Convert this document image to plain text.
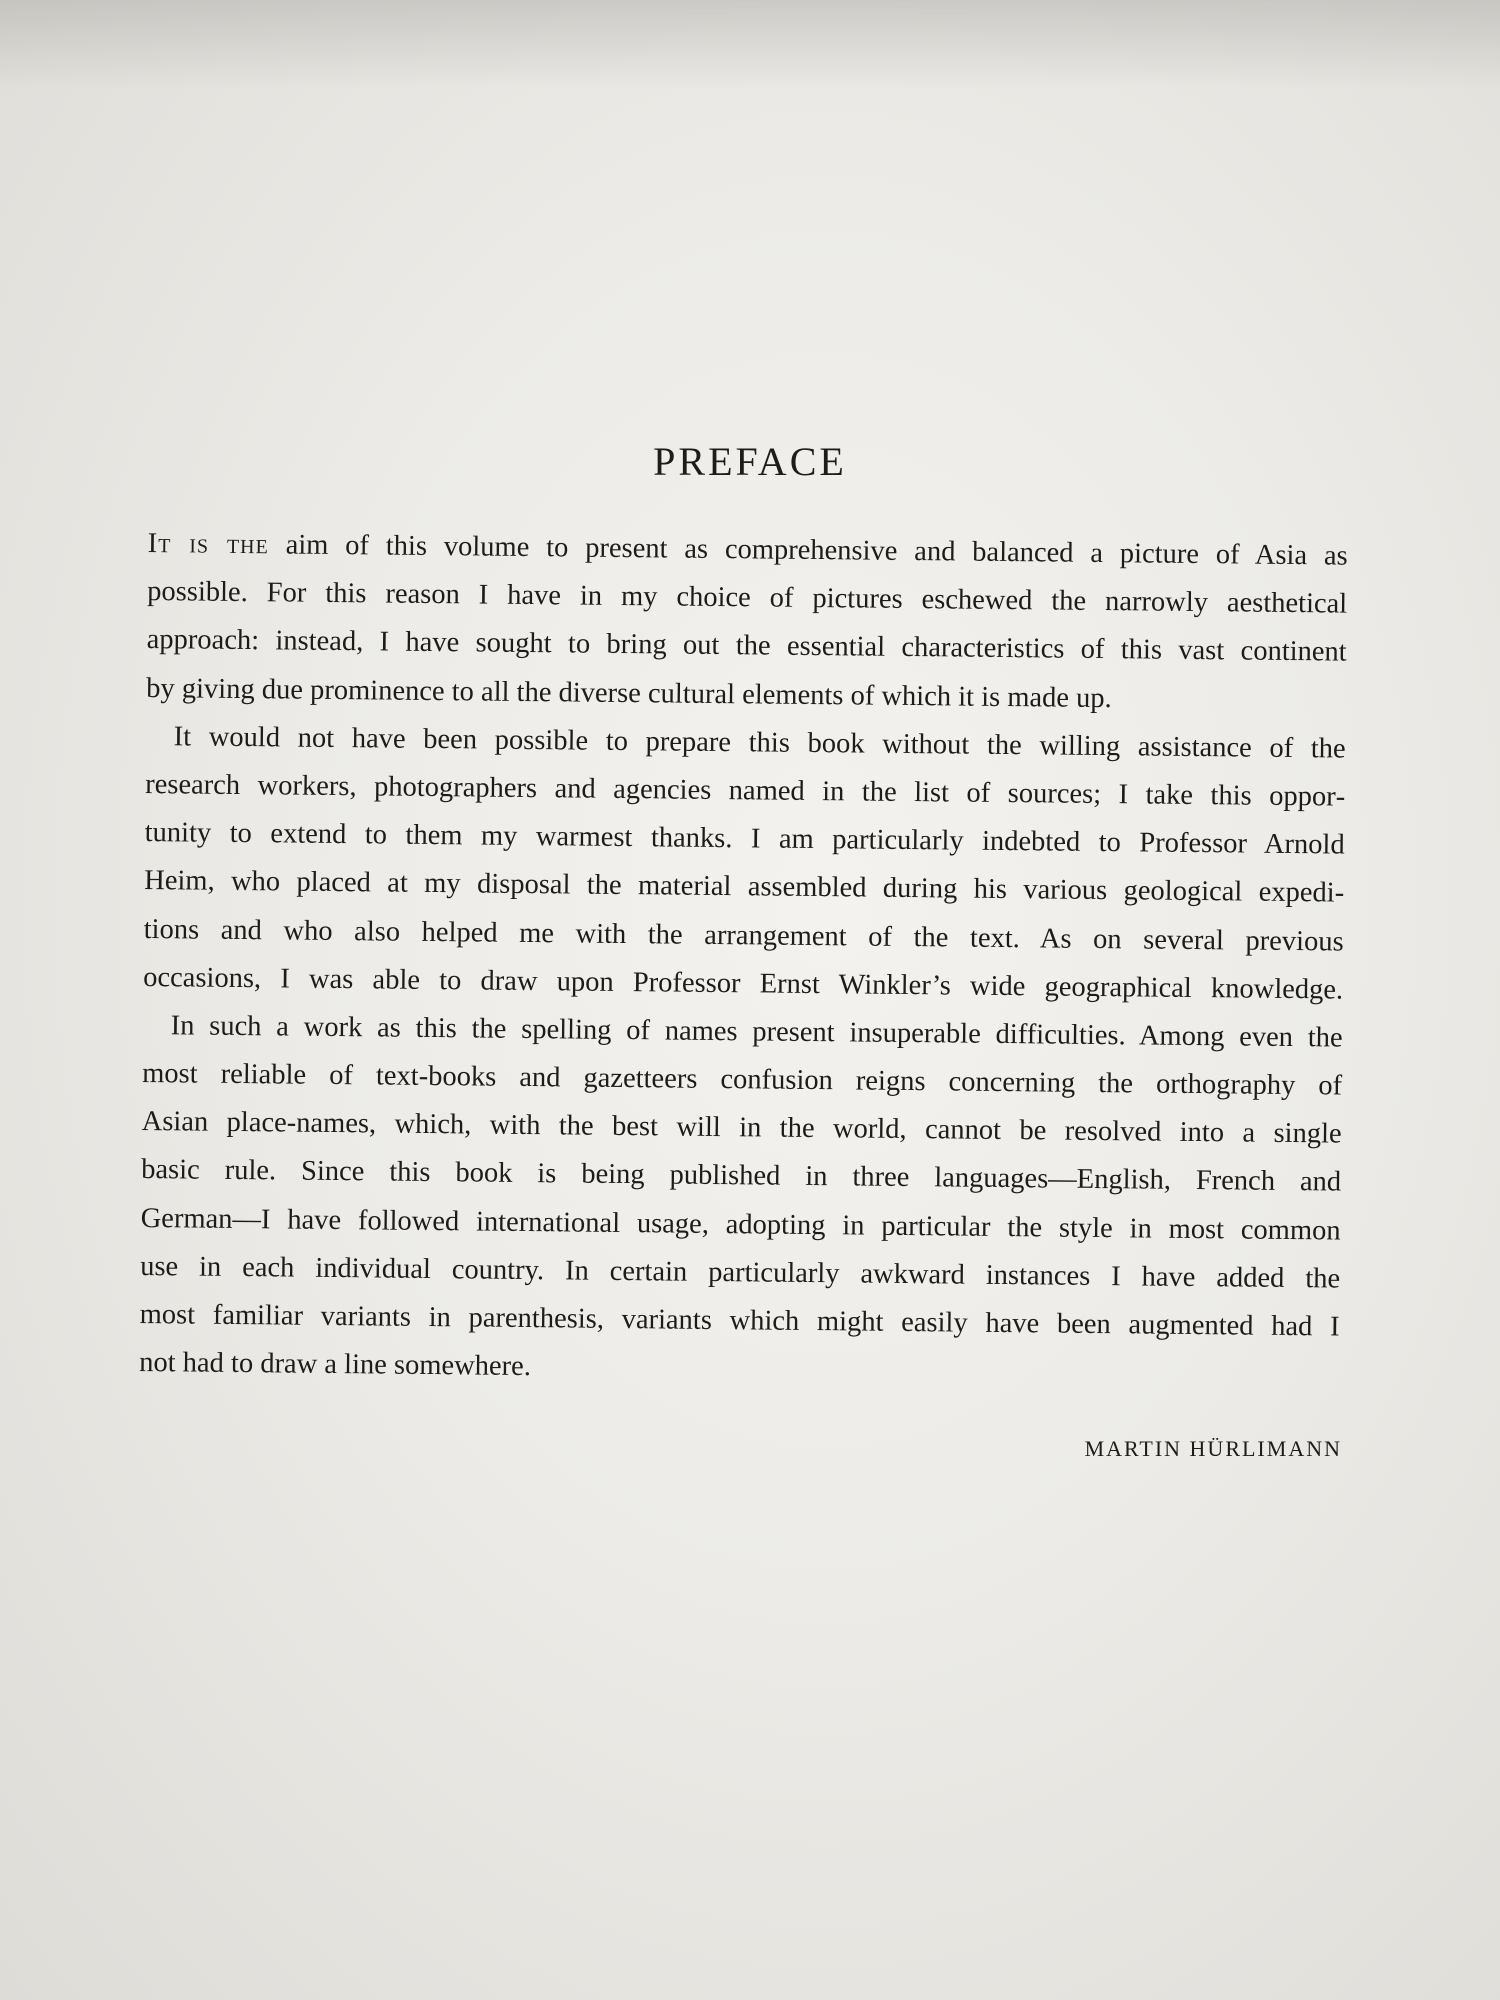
PREFACE
It is the aim of this volume to present as comprehensive and balanced a picture of Asia as
possible. For this reason I have in my choice of pictures eschewed the narrowly aesthetical
approach: instead, I have sought to bring out the essential characteristics of this vast continent
by giving due prominence to all the diverse cultural elements of which it is made up.
It would not have been possible to prepare this book without the willing assistance of the
research workers, photographers and agencies named in the list of sources; I take this oppor‐
tunity to extend to them my warmest thanks. I am particularly indebted to Professor Arnold
Heim, who placed at my disposal the material assembled during his various geological expedi‐
tions and who also helped me with the arrangement of the text. As on several previous
occasions, I was able to draw upon Professor Ernst Winkler’s wide geographical knowledge.
In such a work as this the spelling of names present insuperable difficulties. Among even the
most reliable of text‐books and gazetteers confusion reigns concerning the orthography of
Asian place‐names, which, with the best will in the world, cannot be resolved into a single
basic rule. Since this book is being published in three languages—English, French and
German—I have followed international usage, adopting in particular the style in most common
use in each individual country. In certain particularly awkward instances I have added the
most familiar variants in parenthesis, variants which might easily have been augmented had I
not had to draw a line somewhere.
MARTIN HÜRLIMANN
